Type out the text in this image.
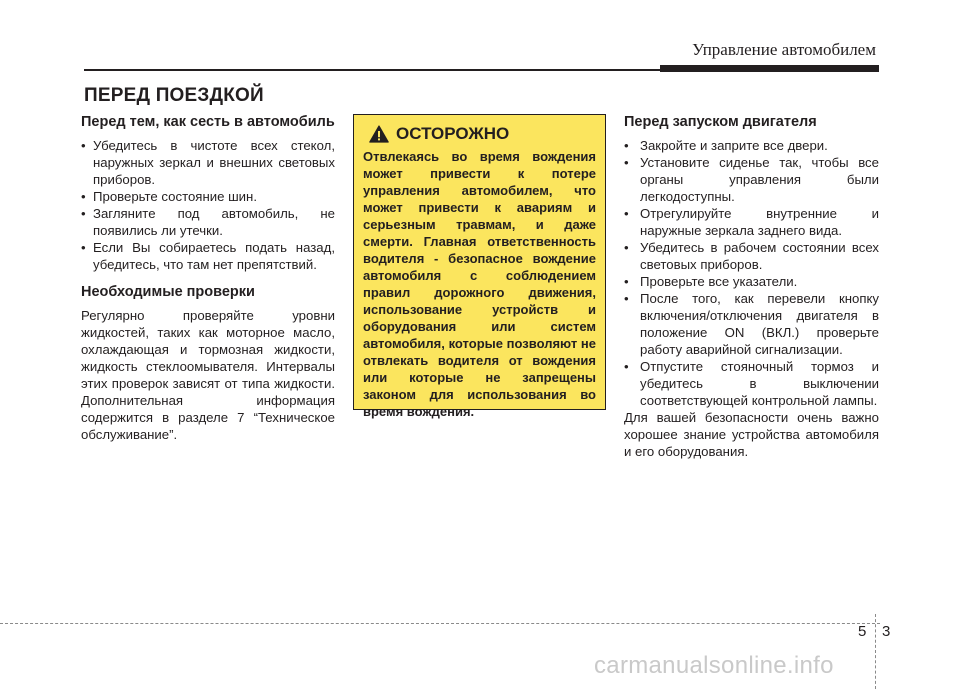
Управление автомобилем
ПЕРЕД ПОЕЗДКОЙ
Перед тем, как сесть в автомобиль
• Убедитесь в чистоте всех стекол, наружных зеркал и внешних световых приборов.
• Проверьте состояние шин.
• Загляните под автомобиль, не появились ли утечки.
• Если Вы собираетесь подать назад, убедитесь, что там нет препятствий.
Необходимые проверки

Регулярно проверяйте уровни жидкостей, таких как моторное масло, охлаждающая и тормозная жидкости, жидкость стеклоомывателя. Интервалы этих проверок зависят от типа жидкости. Дополнительная информация содержится в разделе 7 “Техническое обслуживание”.

ОСТОРОЖНО

Отвлекаясь во время вождения может привести к потере управления автомобилем, что может привести к авариям и серьезным травмам, и даже смерти. Главная ответственность водителя - безопасное вождение автомобиля с соблюдением правил дорожного движения, использование устройств и оборудования или систем автомобиля, которые позволяют не отвлекать водителя от вождения или которые не запрещены законом для использования во время вождения.

Перед запуском двигателя
• Закройте и заприте все двери.
• Установите сиденье так, чтобы все органы управления были легкодоступны.
• Отрегулируйте внутренние и наружные зеркала заднего вида.
• Убедитесь в рабочем состоянии всех световых приборов.
• Проверьте все указатели.
• После того, как перевели кнопку включения/отключения двигателя в положение ON (ВКЛ.) проверьте работу аварийной сигнализации.
• Отпустите стояночный тормоз и убедитесь в выключении соответствующей контрольной лампы.

Для вашей безопасности очень важно хорошее знание устройства автомобиля и его оборудования.

5 3
carmanualsonline.info
